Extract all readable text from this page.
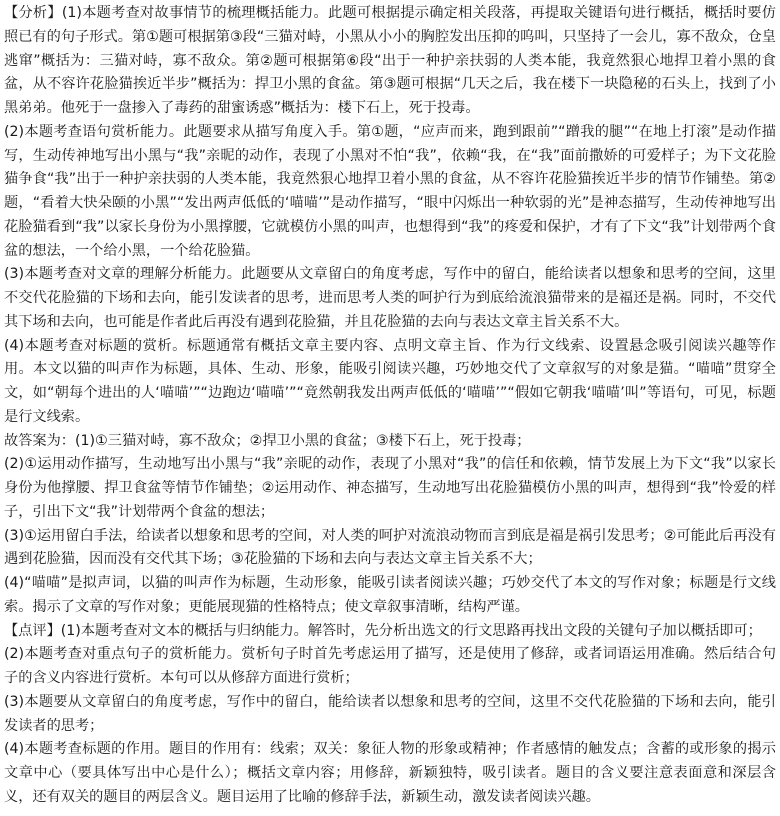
【分析】(1)本题考查对故事情节的梳理概括能力。此题可根据提示确定相关段落，再提取关键语句进行概括，概括时要仿照已有的句子形式。第①题可根据第③段“三猫对峙，小黑从小小的胸腔发出压抑的呜叫，只坚持了一会儿，寡不敌众，仓皇逃窜”概括为：三猫对峙，寡不敌众。第②题可根据第⑥段“出于一种护亲扶弱的人类本能，我竟然狠心地捍卫着小黑的食盆，从不容许花脸猫挨近半步”概括为：捍卫小黑的食盆。第③题可根据“几天之后，我在楼下一块隐秘的石头上，找到了小黑弟弟。他死于一盘掺入了毒药的甜蜜诱惑”概括为：楼下石上，死于投毒。

(2)本题考查语句赏析能力。此题要求从描写角度入手。第①题，“应声而来，跑到跟前”“蹭我的腿”“在地上打滚”是动作描写，生动传神地写出小黑与“我”亲昵的动作，表现了小黑对不怕“我”，依赖“我，在“我”面前撒娇的可爱样子；为下文花脸猫争食“我”出于一种护亲扶弱的人类本能，我竟然狠心地捍卫着小黑的食盆，从不容许花脸猫挨近半步的情节作铺垫。第②题，“看着大快朵颐的小黑”“发出两声低低的‘喵喵’”是动作描写，“眼中闪烁出一种软弱的光”是神态描写，生动传神地写出花脸猫看到“我”以家长身份为小黑撑腰，它就模仿小黑的叫声，也想得到“我”的疼爱和保护，才有了下文“我”计划带两个食盆的想法，一个给小黑，一个给花脸猫。

(3)本题考查对文章的理解分析能力。此题要从文章留白的角度考虑，写作中的留白，能给读者以想象和思考的空间，这里不交代花脸猫的下场和去向，能引发读者的思考，进而思考人类的呵护行为到底给流浪猫带来的是福还是祸。同时，不交代其下场和去向，也可能是作者此后再没有遇到花脸猫，并且花脸猫的去向与表达文章主旨关系不大。

(4)本题考查对标题的赏析。标题通常有概括文章主要内容、点明文章主旨、作为行文线索、设置悬念吸引阅读兴趣等作用。本文以猫的叫声作为标题，具体、生动、形象，能吸引阅读兴趣，巧妙地交代了文章叙写的对象是猫。“喵喵”贯穿全文，如“朝每个进出的人‘喵喵’”“边跑边‘喵喵’”“竟然朝我发出两声低低的‘喵喵’”“假如它朝我‘喵喵’叫”等语句，可见，标题是行文线索。

故答案为：(1)①三猫对峙，寡不敌众；②捍卫小黑的食盆；③楼下石上，死于投毒；

(2)①运用动作描写，生动地写出小黑与“我”亲昵的动作，表现了小黑对“我”的信任和依赖，情节发展上为下文“我”以家长身份为他撑腰、捍卫食盆等情节作铺垫；②运用动作、神态描写，生动地写出花脸猫模仿小黑的叫声，想得到“我”怜爱的样子，引出下文“我”计划带两个食盆的想法；

(3)①运用留白手法，给读者以想象和思考的空间，对人类的呵护对流浪动物而言到底是福是祸引发思考；②可能此后再没有遇到花脸猫，因而没有交代其下场；③花脸猫的下场和去向与表达文章主旨关系不大；

(4)“喵喵”是拟声词，以猫的叫声作为标题，生动形象，能吸引读者阅读兴趣；巧妙交代了本文的写作对象；标题是行文线索。揭示了文章的写作对象；更能展现猫的性格特点；使文章叙事清晰，结构严谨。

【点评】(1)本题考查对文本的概括与归纳能力。解答时，先分析出选文的行文思路再找出文段的关键句子加以概括即可；

(2)本题考查对重点句子的赏析能力。赏析句子时首先考虑运用了描写，还是使用了修辞，或者词语运用准确。然后结合句子的含义内容进行赏析。本句可以从修辞方面进行赏析；

(3)本题要从文章留白的角度考虑，写作中的留白，能给读者以想象和思考的空间，这里不交代花脸猫的下场和去向，能引发读者的思考；

(4)本题考查标题的作用。题目的作用有：线索；双关：象征人物的形象或精神；作者感情的触发点；含蓄的或形象的揭示文章中心（要具体写出中心是什么）；概括文章内容；用修辞，新颖独特，吸引读者。题目的含义要注意表面意和深层含义，还有双关的题目的两层含义。题目运用了比喻的修辞手法，新颖生动，激发读者阅读兴趣。
